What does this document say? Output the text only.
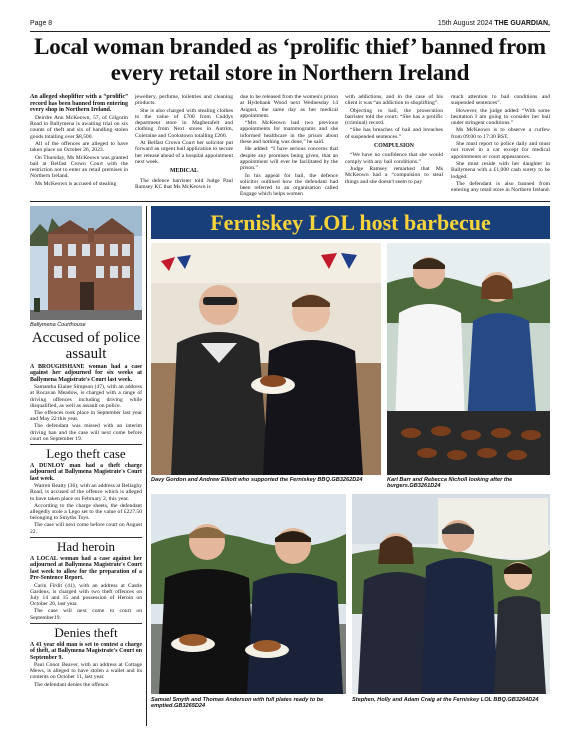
Page 8	15th August 2024 THE GUARDIAN,
Local woman branded as ‘prolific thief’ banned from every retail store in Northern Ireland

An alleged shoplifter with a “prolific” record has been banned from entering every shop in Northern Ireland.

Deirdre Ann McKeown, 57, of Gilgorm Road in Ballymena is awaiting trial on six counts of theft and six of handling stolen goods totalling over $8,500.

All of the offences are alleged to have taken place on October 26, 2023.

On Thursday, Ms McKeown was granted bail at Belfast Crown Court with the restriction not to enter an retail premises in Northern Ireland.

Ms McKeown is accused of stealing

jewellery, perfume, toiletries and cleaning products.

She is also charged with stealing clothes to the value of £700 from Cuddys department store in Magherafelt and clothing from Next stores in Antrim, Coleraine and Cookstown totalling £266.

At Belfast Crown Court her solicitor put forward an urgent bail application to secure her release ahead of a hospital appointment next week.

MEDICAL

The defence barrister told Judge Paul Ramsey KC that Ms McKeown is

due to be released from the women's prison at Hydebank Wood next Wednesday 14 August, the same day as her medical appointment.

“Mrs McKeown had two previous appointments for mammograms and she informed healthcare in the prison about these and nothing was done,” he said.

He added: “I have serious concerns that despite any promises being given, that an appointment will ever be facilitated by the prison.”

In his appeal for bail, the defence solicitor outlined how the defendant had been referred to an organisation called Engage which helps women

with addictions, and in the case of his client it was “an addiction to shoplifting”.

Objecting to bail, the prosecution barrister told the court: “She has a prolific (criminal) record.

“She has breaches of bail and breaches of suspended sentences.”

COMPULSION

“We have no confidence that she would comply with any bail conditions.”

Judge Ramsey remarked that Ms McKeown had a “compulsion to steal things and she doesn't seem to pay

much attention to bail conditions and suspended sentences”.

However, the judge added: “With some hesitation I am going to consider her bail under stringent conditions.”

Ms McKeown is to observe a curfew from 09:00 to 17:30 BST.

She must report to police daily and must not travel in a car except for medical appointments or court appearances.

She must reside with her daughter in Ballymena with a £1,000 cash surety to be lodged.

The defendant is also banned from entering any retail store in Northern Ireland.

Ballymena Courthouse
Accused of police assault

A BROUGHSHANE woman had a case against her adjourned for six weeks at Ballymena Magistrate's Court last week.

Samantha Elaine Simpson (47), with an address at Rocavan Meadow, is charged with a range of driving offences including driving while disqualified, as well as assault on police.

The offences took place in September last year and May 22 this year.

The defendant was missed with an interim driving ban and the case will next come before court on September 19.

Lego theft case

A DUNLOY man had a theft charge adjourned at Ballymena Magistrate's Court last week.

Warren Beatty (36), with an address at Bellaghy Road, is accused of the offence which is alleged to have taken place on February 2, this year.

According to the charge sheets, the defendant allegedly stole a Lego set to the value of £227.50 belonging to Smyths Toys.

The case will next come before court on August 22.

Had heroin

A LOCAL woman had a case against her adjourned at Ballymena Magistrate's Court last week to allow for the preparation of a Pre-Sentence Report.

Carin Firdit (41), with an address at Castle Gardens, is charged with two theft offences on July 14 and 15 and possession of Heroin on October 26, last year.

The case will next come to court on September19.

Denies theft

A 41 year old man is set to contest a charge of theft, at Ballymena Magistrate's Court on September 9.

Paul Conor Beaver, with an address at Cottage Mews, is alleged to have stolen a wallet and its contents on October 11, last year.

The defendant denies the offence.

Ferniskey LOL host barbecue
Davy Gordon and Andrew Elliott who supported the Ferniskey BBQ.GB3262D24	Karl Barr and Rebecca Nicholl looking after the burgers.GB3261D24
Samuel Smyth and Thomas Anderson with full plates ready to be emptied.GB3265D24
Stephen, Holly and Adam Craig at the Ferniskey LOL BBQ.GB3264D24
